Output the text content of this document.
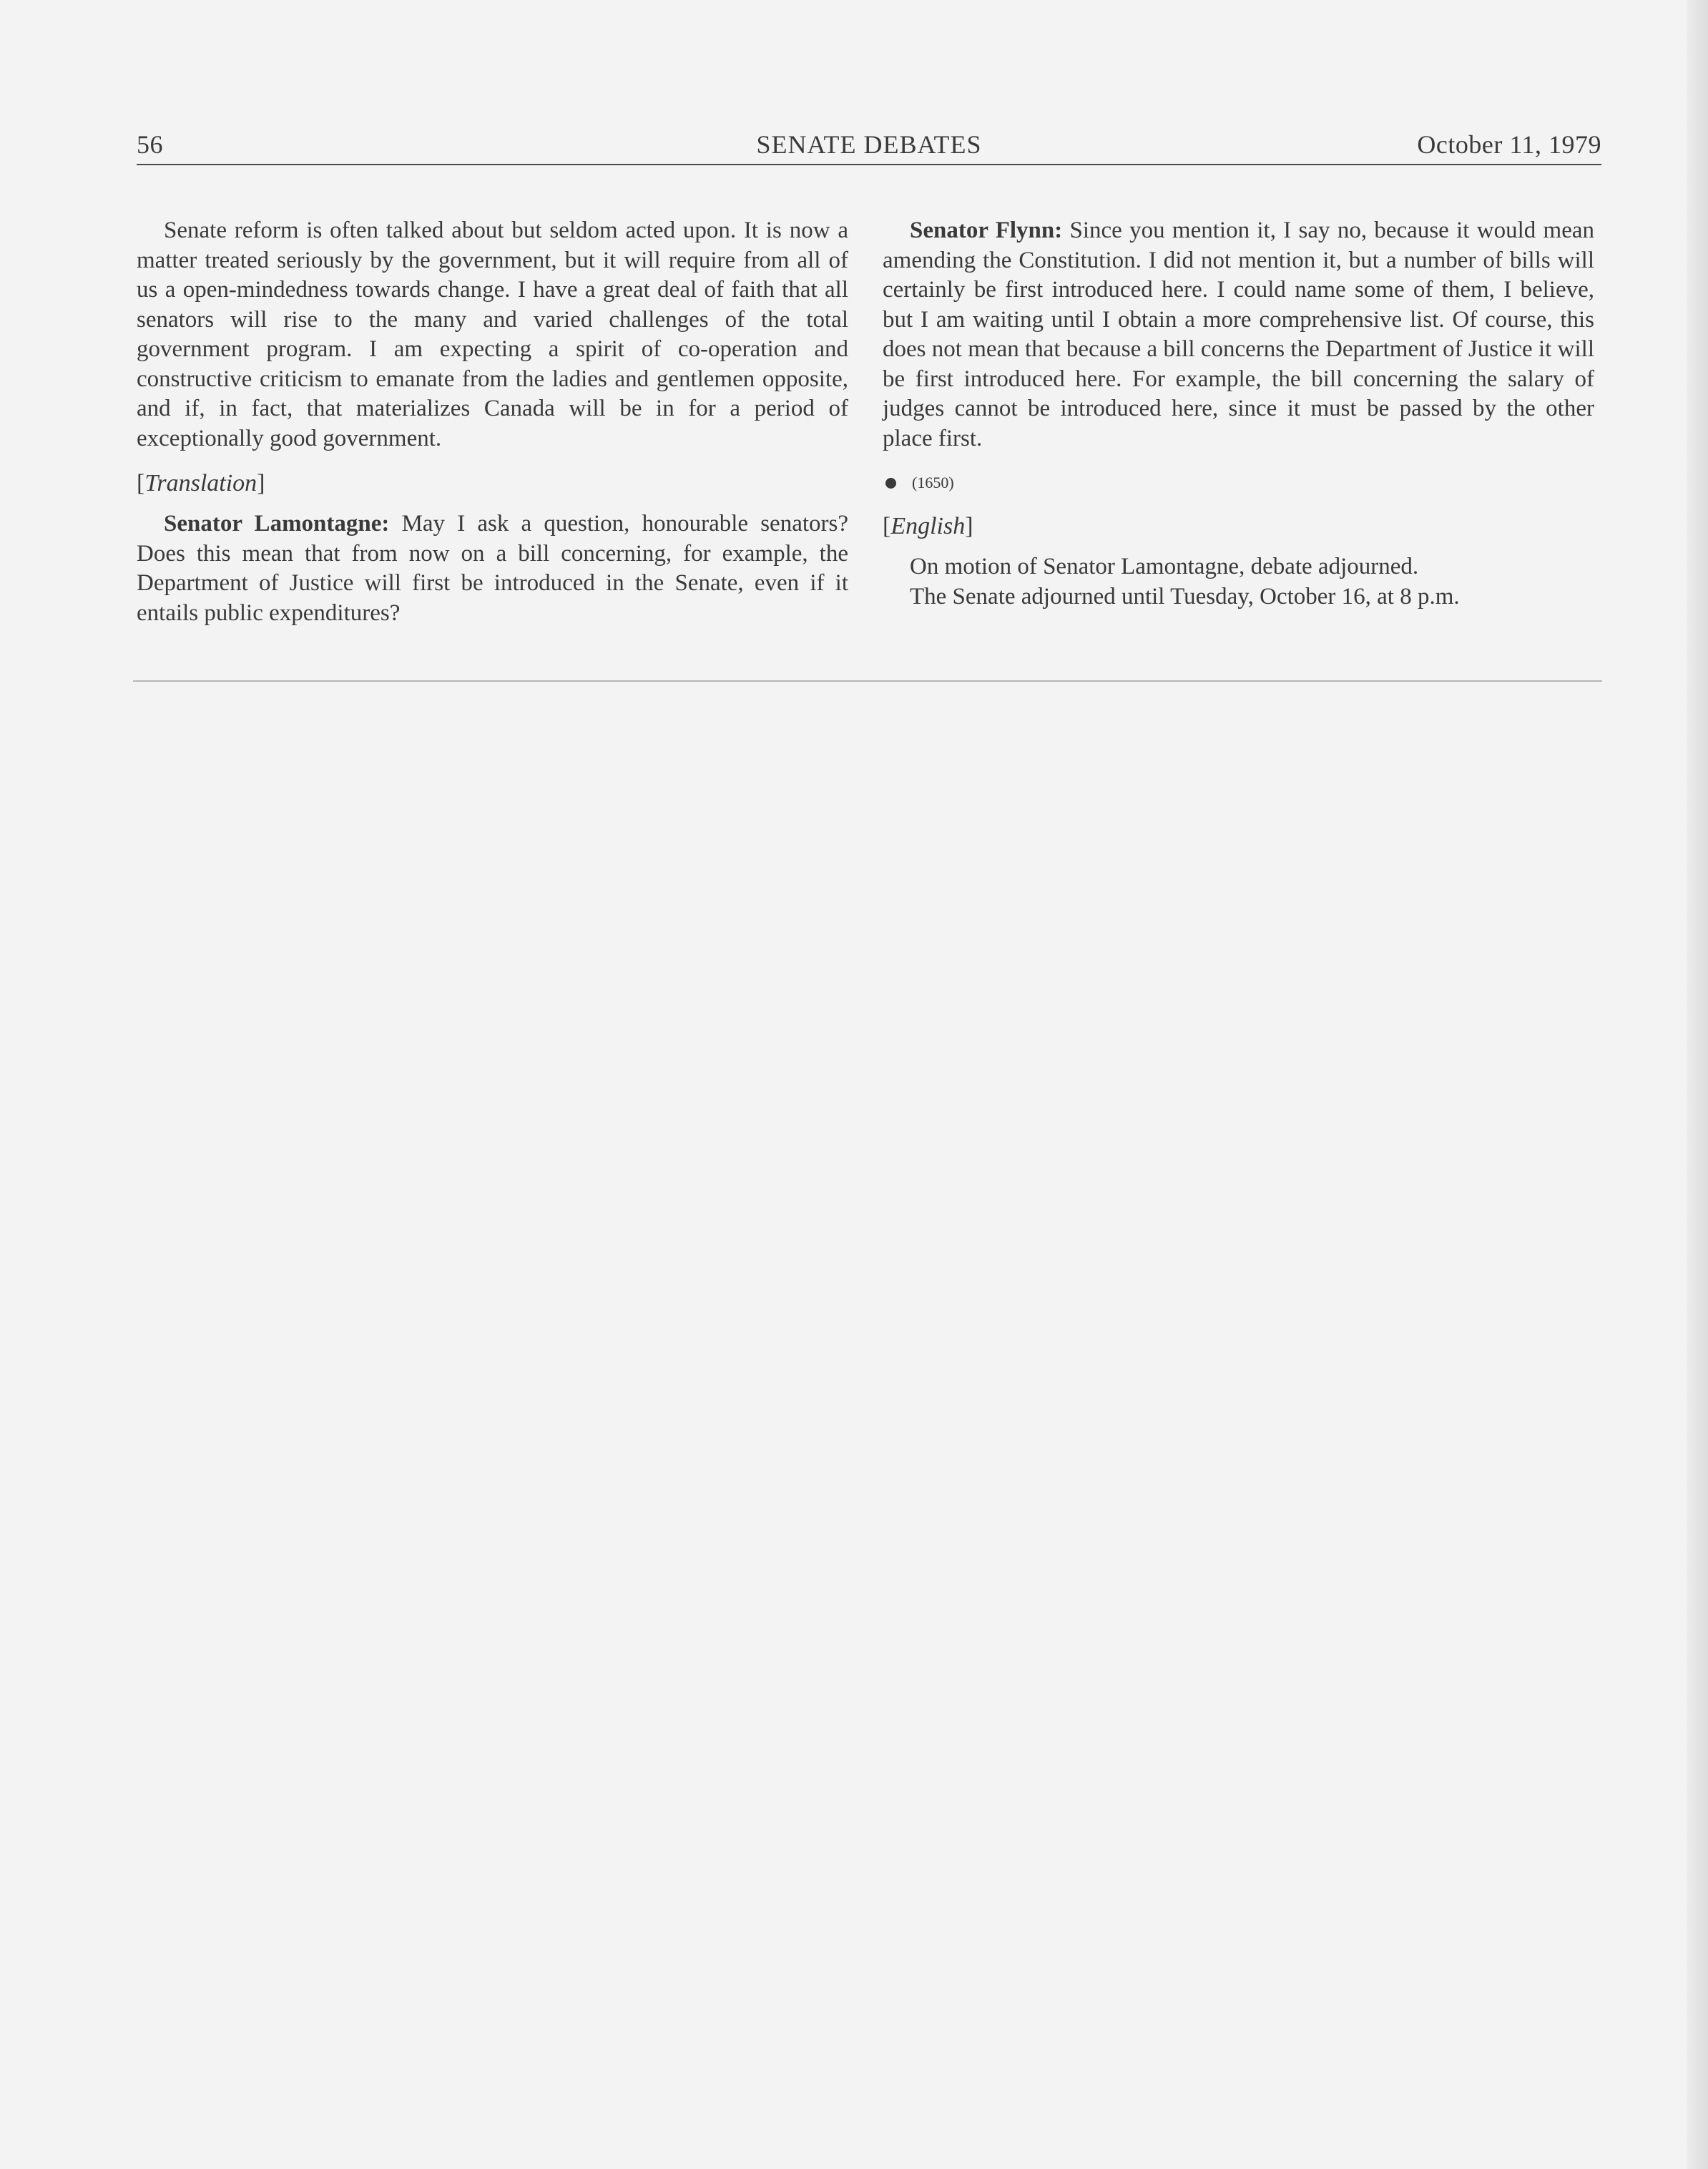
56	SENATE DEBATES	October 11, 1979

Senate reform is often talked about but seldom acted upon. It is now a matter treated seriously by the government, but it will require from all of us a open-mindedness towards change. I have a great deal of faith that all senators will rise to the many and varied challenges of the total government program. I am expecting a spirit of co-operation and constructive criticism to emanate from the ladies and gentlemen opposite, and if, in fact, that materializes Canada will be in for a period of exceptionally good government.

[Translation]

Senator Lamontagne: May I ask a question, honourable senators? Does this mean that from now on a bill concerning, for example, the Department of Justice will first be introduced in the Senate, even if it entails public expenditures?

Senator Flynn: Since you mention it, I say no, because it would mean amending the Constitution. I did not mention it, but a number of bills will certainly be first introduced here. I could name some of them, I believe, but I am waiting until I obtain a more comprehensive list. Of course, this does not mean that because a bill concerns the Department of Justice it will be first introduced here. For example, the bill concerning the salary of judges cannot be introduced here, since it must be passed by the other place first.

(1650)

[English]

On motion of Senator Lamontagne, debate adjourned.

The Senate adjourned until Tuesday, October 16, at 8 p.m.
